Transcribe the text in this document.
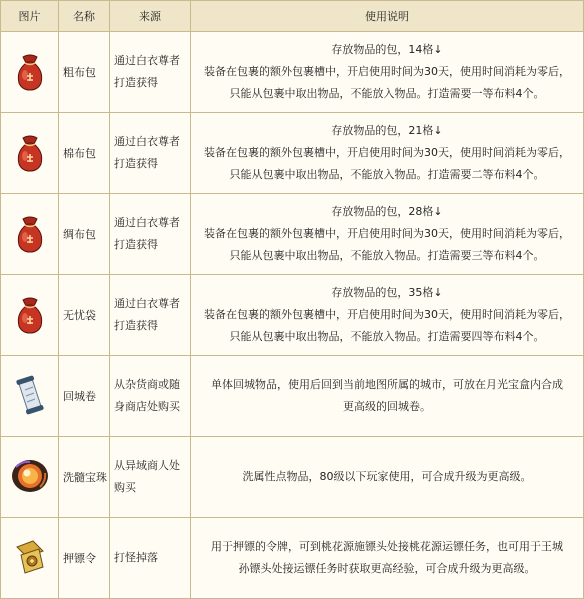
图片	名称	来源	使用说明

	粗布包	通过白衣尊者打造获得	存放物品的包，14格↓
装备在包裹的额外包裹槽中，开启使用时间为30天，使用时间消耗为零后，
只能从包裹中取出物品，不能放入物品。打造需要一等布料4个。

	棉布包	通过白衣尊者打造获得	存放物品的包，21格↓
装备在包裹的额外包裹槽中，开启使用时间为30天，使用时间消耗为零后，
只能从包裹中取出物品，不能放入物品。打造需要二等布料4个。

	绸布包	通过白衣尊者打造获得	存放物品的包，28格↓
装备在包裹的额外包裹槽中，开启使用时间为30天，使用时间消耗为零后，
只能从包裹中取出物品，不能放入物品。打造需要三等布料4个。

	无忧袋	通过白衣尊者打造获得	存放物品的包，35格↓
装备在包裹的额外包裹槽中，开启使用时间为30天，使用时间消耗为零后，
只能从包裹中取出物品，不能放入物品。打造需要四等布料4个。

	回城卷	从杂货商或随身商店处购买	单体回城物品，使用后回到当前地图所属的城市，可放在月光宝盒内合成
更高级的回城卷。

	洗髓宝珠	从异域商人处购买	洗属性点物品，80级以下玩家使用，可合成升级为更高级。

	押镖令	打怪掉落	用于押镖的令牌，可到桃花源施镖头处接桃花源运镖任务，也可用于王城
孙镖头处接运镖任务时获取更高经验，可合成升级为更高级。
